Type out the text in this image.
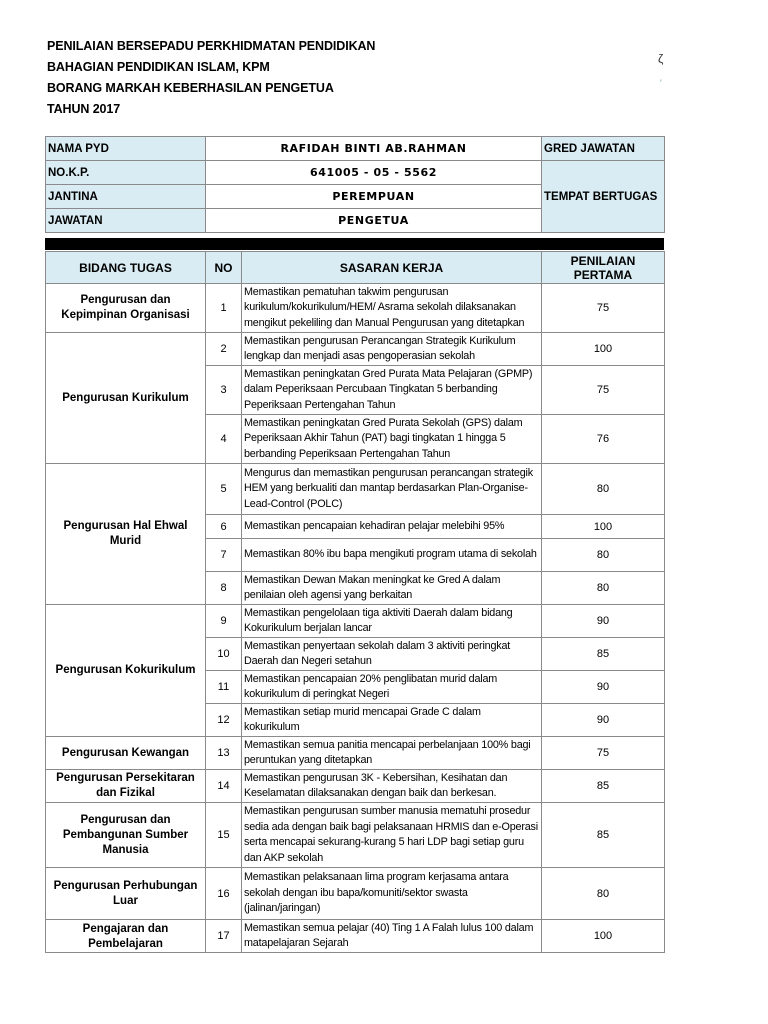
PENILAIAN BERSEPADU PERKHIDMATAN PENDIDIKAN
BAHAGIAN PENDIDIKAN ISLAM, KPM
BORANG MARKAH KEBERHASILAN PENGETUA
TAHUN 2017
ζ
'
NAMA PYD	RAFIDAH BINTI AB.RAHMAN	GRED JAWATAN
NO.K.P.	641005 - 05 - 5562	TEMPAT BERTUGAS
JANTINA	PEREMPUAN	
JAWATAN	PENGETUA	
BIDANG TUGAS	NO	SASARAN KERJA	PENILAIAN PERTAMA
Pengurusan dan Kepimpinan Organisasi	1	Memastikan pematuhan takwim pengurusan kurikulum/kokurikulum/HEM/ Asrama sekolah dilaksanakan mengikut pekeliling dan Manual Pengurusan yang ditetapkan	75
Pengurusan Kurikulum	2	Memastikan pengurusan Perancangan Strategik Kurikulum lengkap dan menjadi asas pengoperasian sekolah	100
	3	Memastikan peningkatan Gred Purata Mata Pelajaran (GPMP) dalam Peperiksaan Percubaan Tingkatan 5 berbanding Peperiksaan Pertengahan Tahun	75
	4	Memastikan peningkatan Gred Purata Sekolah (GPS) dalam Peperiksaan Akhir Tahun (PAT) bagi tingkatan 1 hingga 5 berbanding Peperiksaan Pertengahan Tahun	76
Pengurusan Hal Ehwal Murid	5	Mengurus dan memastikan pengurusan perancangan strategik HEM yang berkualiti dan mantap berdasarkan Plan-Organise-Lead-Control (POLC)	80
	6	Memastikan pencapaian kehadiran pelajar melebihi 95%	100
	7	Memastikan 80% ibu bapa mengikuti program utama di sekolah	80
	8	Memastikan Dewan Makan meningkat ke Gred A dalam penilaian oleh agensi yang berkaitan	80
Pengurusan Kokurikulum	9	Memastikan pengelolaan tiga aktiviti Daerah dalam bidang Kokurikulum berjalan lancar	90
	10	Memastikan penyertaan sekolah dalam 3 aktiviti peringkat Daerah dan Negeri setahun	85
	11	Memastikan pencapaian 20% penglibatan murid dalam kokurikulum di peringkat Negeri	90
	12	Memastikan setiap murid mencapai Grade C dalam kokurikulum	90
Pengurusan Kewangan	13	Memastikan semua panitia mencapai perbelanjaan 100% bagi peruntukan yang ditetapkan	75
Pengurusan Persekitaran dan Fizikal	14	Memastikan pengurusan 3K - Kebersihan, Kesihatan dan Keselamatan dilaksanakan dengan baik dan berkesan.	85
Pengurusan dan Pembangunan Sumber Manusia	15	Memastikan pengurusan sumber manusia mematuhi prosedur sedia ada dengan baik bagi pelaksanaan HRMIS dan e-Operasi serta mencapai sekurang-kurang 5 hari LDP bagi setiap guru dan AKP sekolah	85
Pengurusan Perhubungan Luar	16	Memastikan pelaksanaan lima program kerjasama antara sekolah dengan ibu bapa/komuniti/sektor swasta (jalinan/jaringan)	80
Pengajaran dan Pembelajaran	17	Memastikan semua pelajar (40) Ting 1 A Falah lulus 100 dalam matapelajaran Sejarah	100
